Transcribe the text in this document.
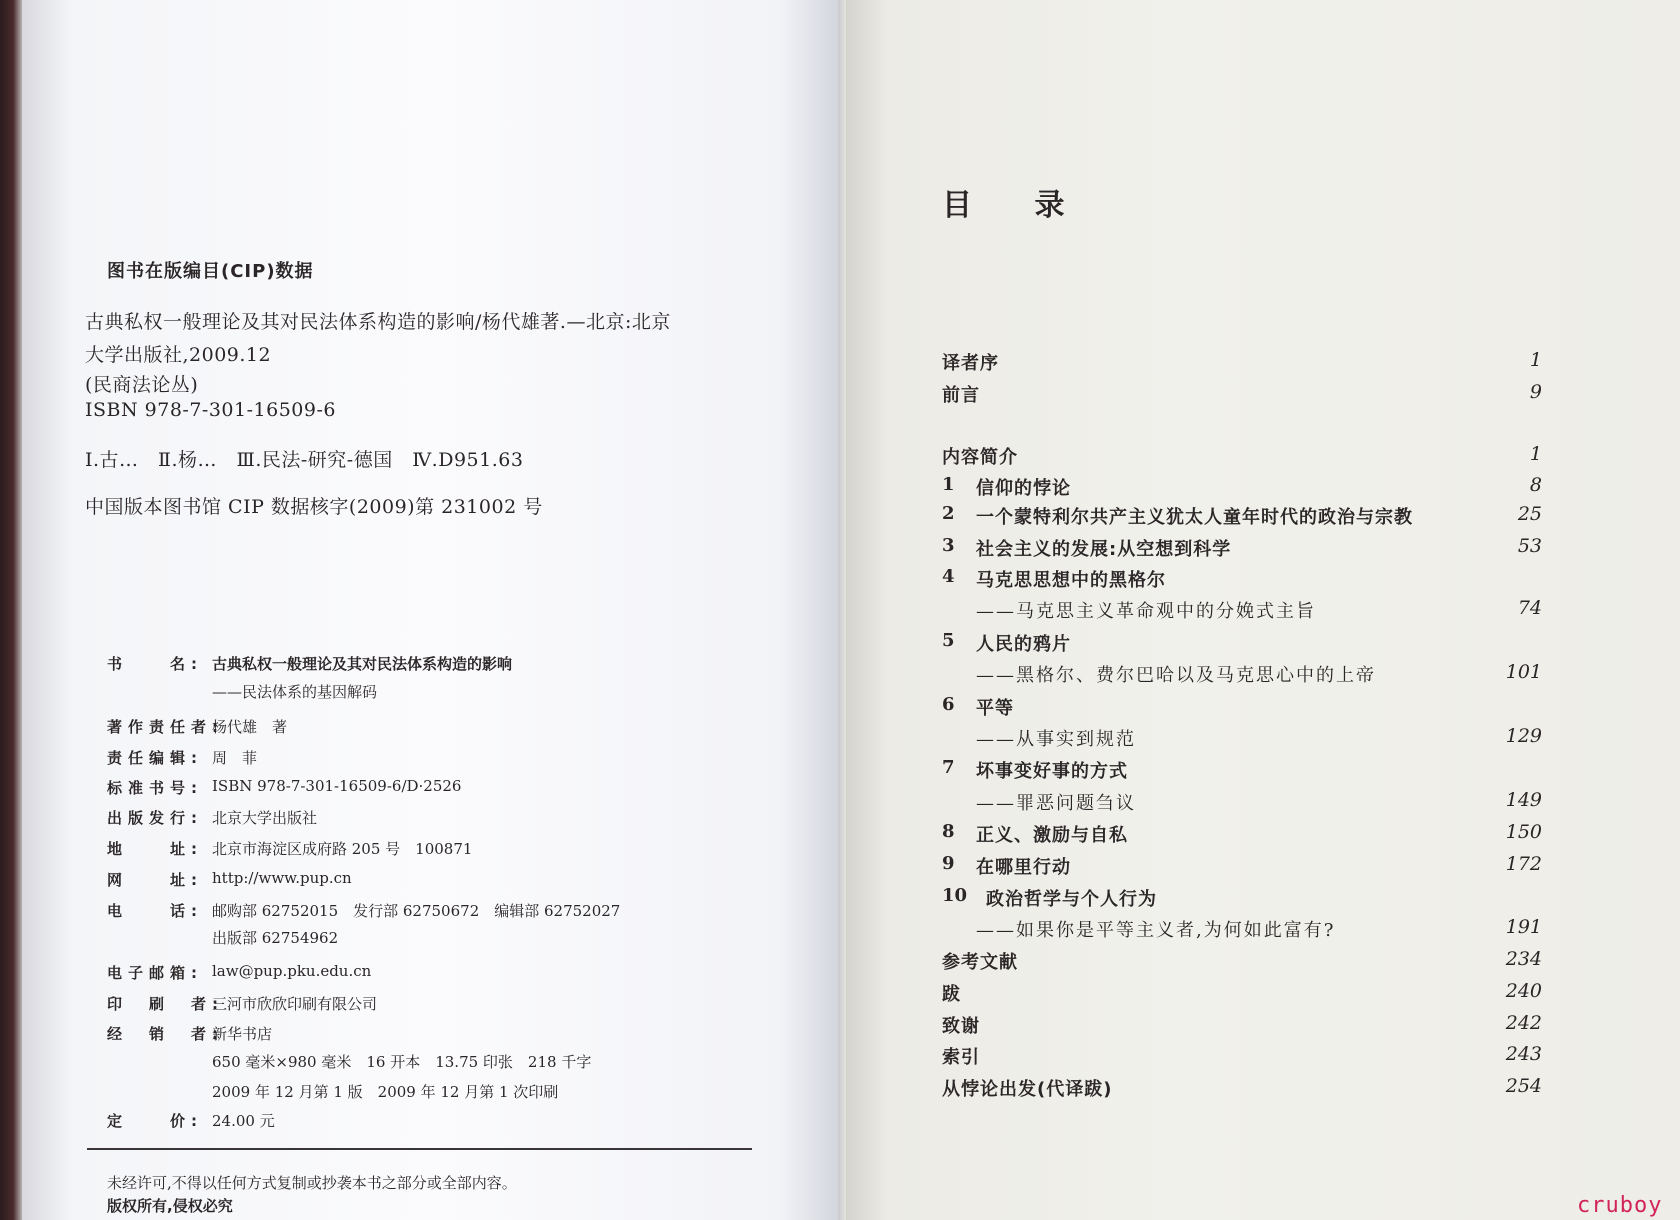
图书在版编目(CIP)数据
古典私权一般理论及其对民法体系构造的影响/杨代雄著.—北京:北京
大学出版社,2009.12
(民商法论丛)
ISBN 978-7-301-16509-6
Ⅰ.古…　Ⅱ.杨…　Ⅲ.民法-研究-德国　Ⅳ.D951.63
中国版本图书馆 CIP 数据核字(2009)第 231002 号
书　　名: 古典私权一般理论及其对民法体系构造的影响
——民法体系的基因解码
著作责任者:
杨代雄　著
责任编辑: 周　菲
标准书号: ISBN 978-7-301-16509-6/D·2526
出版发行: 北京大学出版社
地　　址: 北京市海淀区成府路 205 号　100871
网　　址: http://www.pup.cn
电　　话: 邮购部 62752015　发行部 62750672　编辑部 62752027
出版部 62754962
电子邮箱: law@pup.pku.edu.cn
印　刷　者:
三河市欣欣印刷有限公司
经　销　者:
新华书店
650 毫米×980 毫米　16 开本　13.75 印张　218 千字
2009 年 12 月第 1 版　2009 年 12 月第 1 次印刷
定　　价: 24.00 元
未经许可,不得以任何方式复制或抄袭本书之部分或全部内容。
版权所有,侵权必究
目 录
译者序	1
前言	9
内容简介	1
1 信仰的悖论	8
2 一个蒙特利尔共产主义犹太人童年时代的政治与宗教	25
3 社会主义的发展:从空想到科学	53
4 马克思思想中的黑格尔
——马克思主义革命观中的分娩式主旨	74
5 人民的鸦片
——黑格尔、费尔巴哈以及马克思心中的上帝	101
6 平等
——从事实到规范	129
7 坏事变好事的方式
——罪恶问题刍议	149
8 正义、激励与自私	150
9 在哪里行动	172
10 政治哲学与个人行为
——如果你是平等主义者,为何如此富有?	191
参考文献	234
跋	240
致谢	242
索引	243
从悖论出发(代译跋)	254
cruboy
